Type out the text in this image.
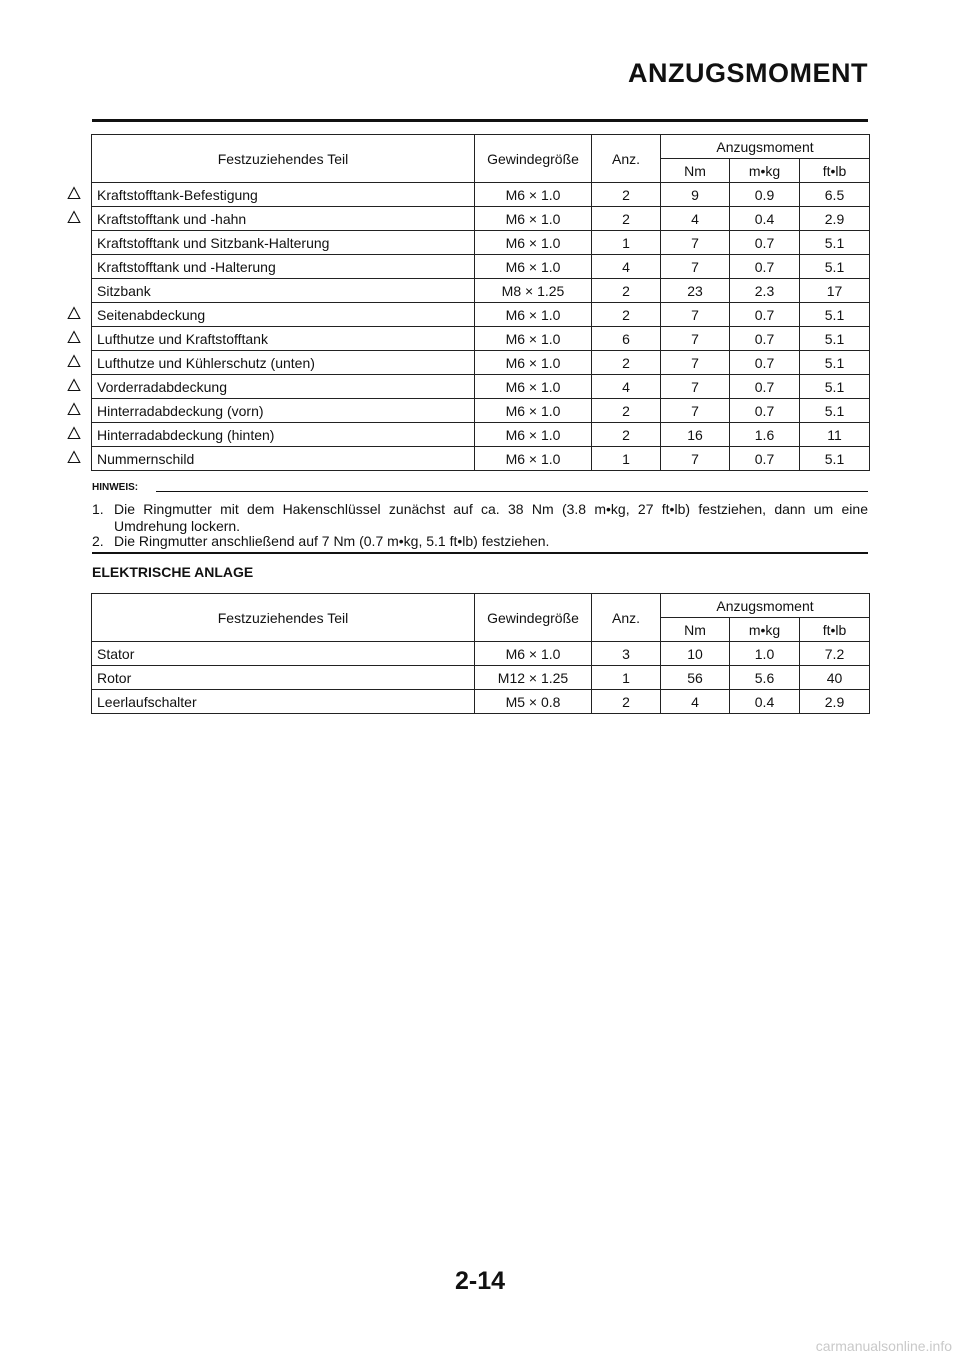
ANZUGSMOMENT
Festzuziehendes Teil	Gewindegröße	Anz.	Anzugsmoment		
			Nm	m•kg	ft•lb
Kraftstofftank-Befestigung	M6 × 1.0	2	9	0.9	6.5
Kraftstofftank und -hahn	M6 × 1.0	2	4	0.4	2.9
Kraftstofftank und Sitzbank-Halterung	M6 × 1.0	1	7	0.7	5.1
Kraftstofftank und -Halterung	M6 × 1.0	4	7	0.7	5.1
Sitzbank	M8 × 1.25	2	23	2.3	17
Seitenabdeckung	M6 × 1.0	2	7	0.7	5.1
Lufthutze und Kraftstofftank	M6 × 1.0	6	7	0.7	5.1
Lufthutze und Kühlerschutz (unten)	M6 × 1.0	2	7	0.7	5.1
Vorderradabdeckung	M6 × 1.0	4	7	0.7	5.1
Hinterradabdeckung (vorn)	M6 × 1.0	2	7	0.7	5.1
Hinterradabdeckung (hinten)	M6 × 1.0	2	16	1.6	11
Nummernschild	M6 × 1.0	1	7	0.7	5.1
HINWEIS:
1. Die Ringmutter mit dem Hakenschlüssel zunächst auf ca. 38 Nm (3.8 m•kg, 27 ft•lb) festziehen, dann um eine Umdrehung lockern.
2. Die Ringmutter anschließend auf 7 Nm (0.7 m•kg, 5.1 ft•lb) festziehen.
ELEKTRISCHE ANLAGE
Festzuziehendes Teil	Gewindegröße	Anz.	Anzugsmoment		
			Nm	m•kg	ft•lb
Stator	M6 × 1.0	3	10	1.0	7.2
Rotor	M12 × 1.25	1	56	5.6	40
Leerlaufschalter	M5 × 0.8	2	4	0.4	2.9
2-14
carmanualsonline.info
